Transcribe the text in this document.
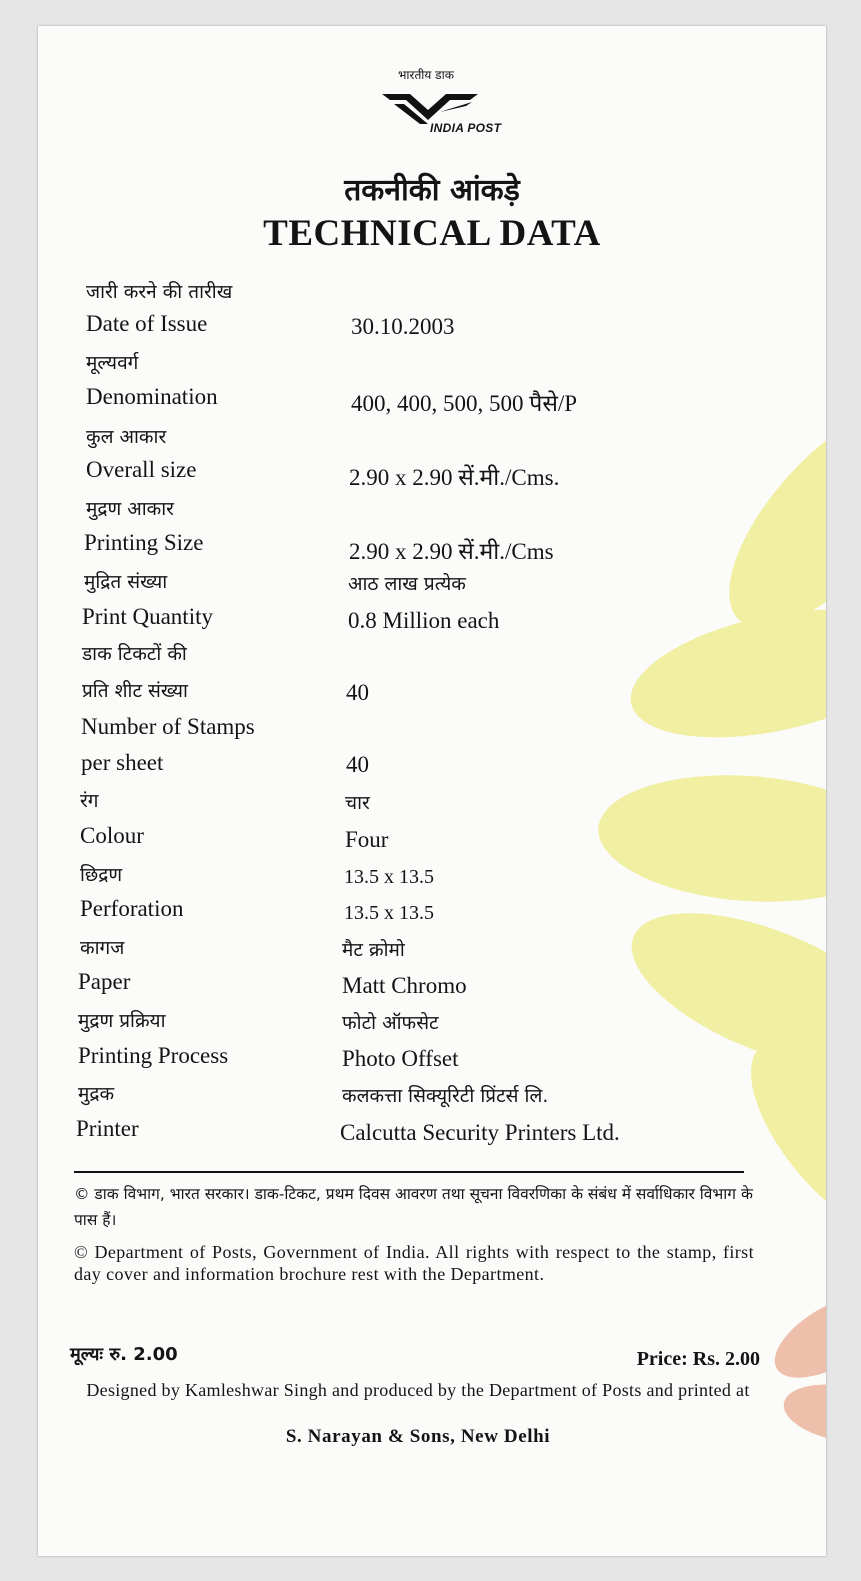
भारतीय डाक
INDIA POST
तकनीकी आंकड़े
TECHNICAL DATA
जारी करने की तारीख
Date of Issue	30.10.2003
मूल्यवर्ग
Denomination	400, 400, 500, 500 पैसे/P
कुल आकार
Overall size	2.90 x 2.90 सें.मी./Cms.
मुद्रण आकार
Printing Size	2.90 x 2.90 सें.मी./Cms
मुद्रित संख्या	आठ लाख प्रत्येक
Print Quantity	0.8 Million each
डाक टिकटों की
प्रति शीट संख्या	40
Number of Stamps
per sheet	40
रंग	चार
Colour	Four
छिद्रण	13.5 x 13.5
Perforation	13.5 x 13.5
कागज	मैट क्रोमो
Paper	Matt Chromo
मुद्रण प्रक्रिया	फोटो ऑफसेट
Printing Process	Photo Offset
मुद्रक	कलकत्ता सिक्यूरिटी प्रिंटर्स लि.
Printer	Calcutta Security Printers Ltd.
© डाक विभाग, भारत सरकार। डाक-टिकट, प्रथम दिवस आवरण तथा सूचना विवरणिका के संबंध में सर्वाधिकार विभाग के पास हैं।
© Department of Posts, Government of India. All rights with respect to the stamp, first day cover and information brochure rest with the Department.
मूल्यः रु. 2.00	Price: Rs. 2.00
Designed by Kamleshwar Singh and produced by the Department of Posts and printed at
S. Narayan & Sons, New Delhi
